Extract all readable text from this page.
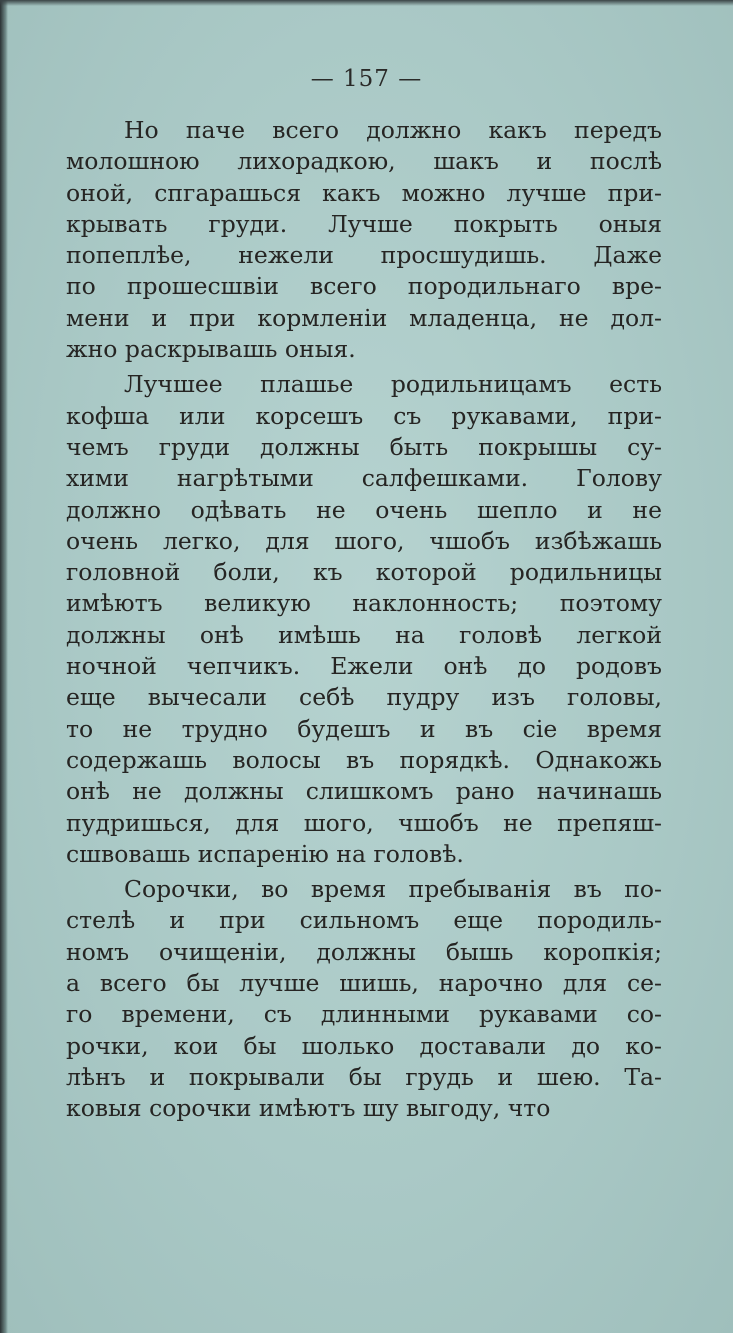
— 157 —
Но паче всего должно какъ передъ
молошною лихорадкою, шакъ и послѣ
оной, спгарашься какъ можно лучше при-
крывать груди. Лучше покрыть оныя
попеплѣе, нежели просшудишь. Даже
по прошесшвіи всего породильнаго вре-
мени и при кормленіи младенца, не дол-
жно раскрывашь оныя.
Лучшее плашье родильницамъ есть
кофша или корсешъ съ рукавами, при-
чемъ груди должны быть покрышы су-
хими нагрѣтыми салфешками. Голову
должно одѣвать не очень шепло и не
очень легко, для шого, чшобъ избѣжашь
головной боли, къ которой родильницы
имѣютъ великую наклонность; поэтому
должны онѣ имѣшь на головѣ легкой
ночной чепчикъ. Ежели онѣ до родовъ
еще вычесали себѣ пудру изъ головы,
то не трудно будешъ и въ сіе время
содержашь волосы въ порядкѣ. Однакожь
онѣ не должны слишкомъ рано начинашь
пудришься, для шого, чшобъ не препяш-
сшвовашь испаренію на головѣ.
Сорочки, во время пребыванія въ по-
стелѣ и при сильномъ еще породиль-
номъ очищеніи, должны бышь коропкія;
а всего бы лучше шишь, нарочно для се-
го времени, съ длинными рукавами со-
рочки, кои бы шолько доставали до ко-
лѣнъ и покрывали бы грудь и шею. Та-
ковыя сорочки имѣютъ шу выгоду, что
